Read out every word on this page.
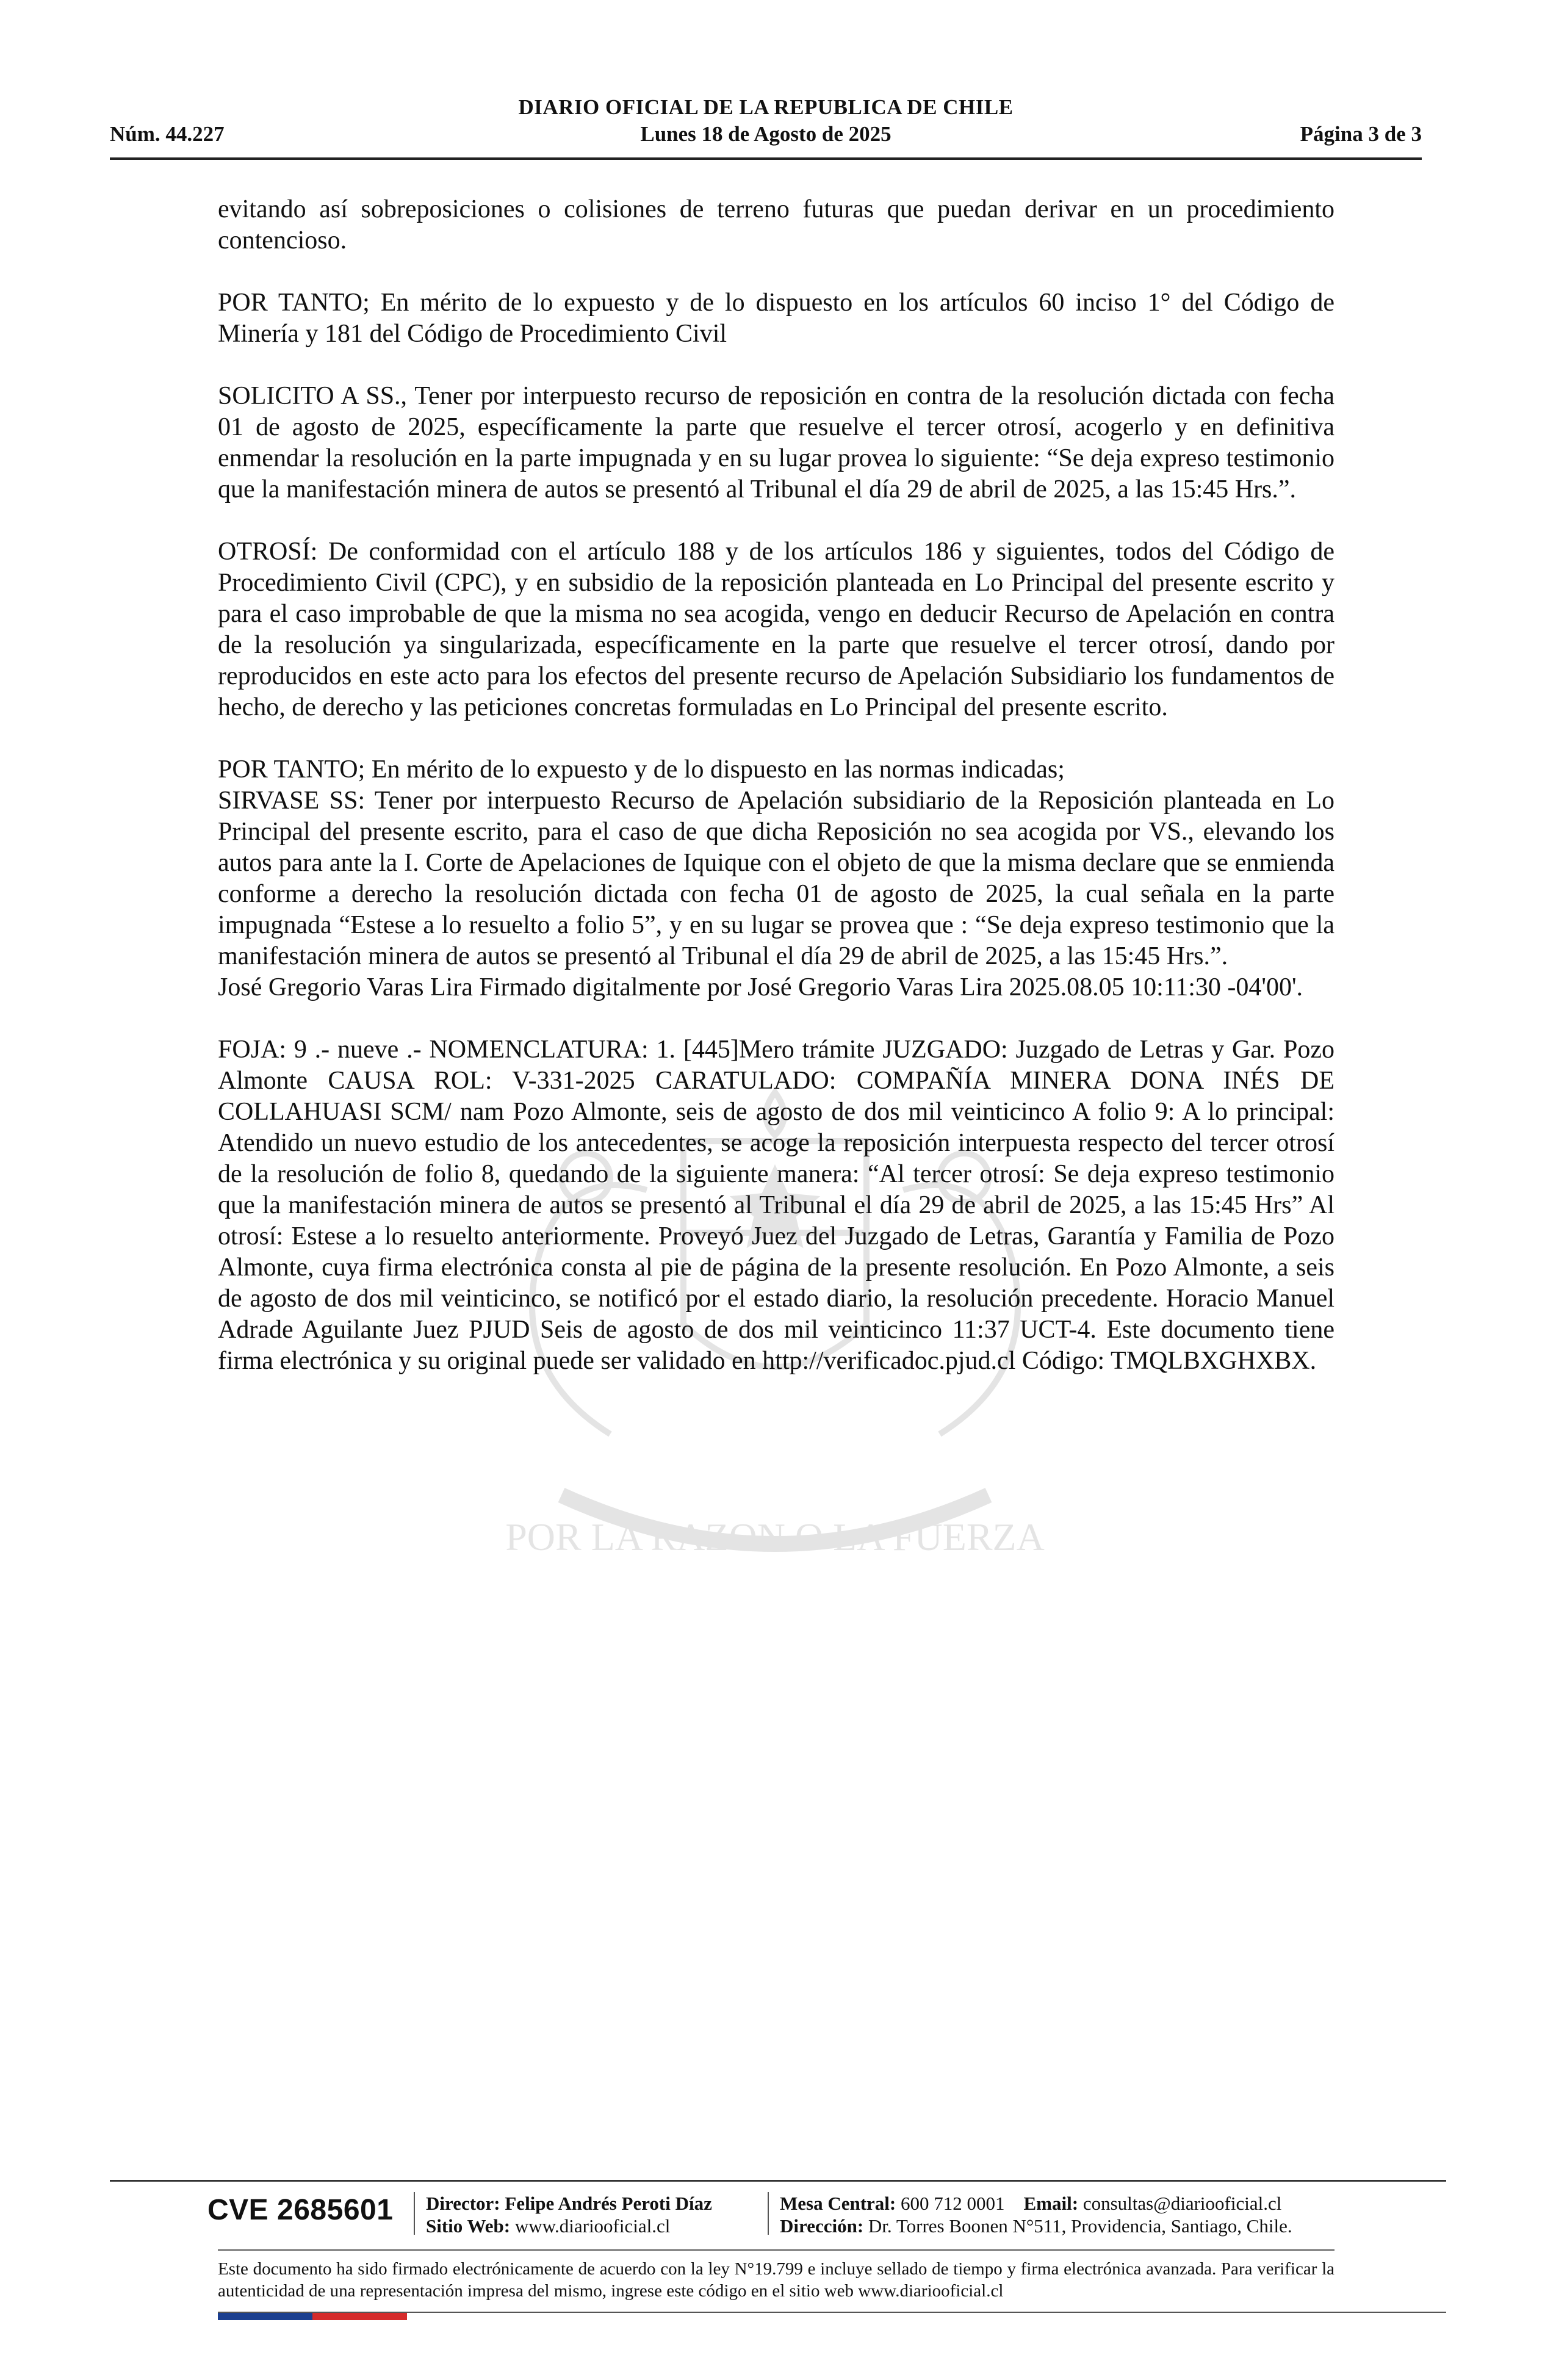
POR LA RAZON O LA FUERZA
DIARIO OFICIAL DE LA REPUBLICA DE CHILE
Núm. 44.227	Lunes 18 de Agosto de 2025	Página 3 de 3

evitando así sobreposiciones o colisiones de terreno futuras que puedan derivar en un procedimiento contencioso.

POR TANTO; En mérito de lo expuesto y de lo dispuesto en los artículos 60 inciso 1° del Código de Minería y 181 del Código de Procedimiento Civil

SOLICITO A SS., Tener por interpuesto recurso de reposición en contra de la resolución dictada con fecha 01 de agosto de 2025, específicamente la parte que resuelve el tercer otrosí, acogerlo y en definitiva enmendar la resolución en la parte impugnada y en su lugar provea lo siguiente: “Se deja expreso testimonio que la manifestación minera de autos se presentó al Tribunal el día 29 de abril de 2025, a las 15:45 Hrs.”.

OTROSÍ: De conformidad con el artículo 188 y de los artículos 186 y siguientes, todos del Código de Procedimiento Civil (CPC), y en subsidio de la reposición planteada en Lo Principal del presente escrito y para el caso improbable de que la misma no sea acogida, vengo en deducir Recurso de Apelación en contra de la resolución ya singularizada, específicamente en la parte que resuelve el tercer otrosí, dando por reproducidos en este acto para los efectos del presente recurso de Apelación Subsidiario los fundamentos de hecho, de derecho y las peticiones concretas formuladas en Lo Principal del presente escrito.

POR TANTO; En mérito de lo expuesto y de lo dispuesto en las normas indicadas;

SIRVASE SS: Tener por interpuesto Recurso de Apelación subsidiario de la Reposición planteada en Lo Principal del presente escrito, para el caso de que dicha Reposición no sea acogida por VS., elevando los autos para ante la I. Corte de Apelaciones de Iquique con el objeto de que la misma declare que se enmienda conforme a derecho la resolución dictada con fecha 01 de agosto de 2025, la cual señala en la parte impugnada “Estese a lo resuelto a folio 5”, y en su lugar se provea que : “Se deja expreso testimonio que la manifestación minera de autos se presentó al Tribunal el día 29 de abril de 2025, a las 15:45 Hrs.”.

José Gregorio Varas Lira Firmado digitalmente por José Gregorio Varas Lira 2025.08.05 10:11:30 -04'00'.

FOJA: 9 .- nueve .- NOMENCLATURA: 1. [445]Mero trámite JUZGADO: Juzgado de Letras y Gar. Pozo Almonte CAUSA ROL: V-331-2025 CARATULADO: COMPAÑÍA MINERA DONA INÉS DE COLLAHUASI SCM/ nam Pozo Almonte, seis de agosto de dos mil veinticinco A folio 9: A lo principal: Atendido un nuevo estudio de los antecedentes, se acoge la reposición interpuesta respecto del tercer otrosí de la resolución de folio 8, quedando de la siguiente manera: “Al tercer otrosí: Se deja expreso testimonio que la manifestación minera de autos se presentó al Tribunal el día 29 de abril de 2025, a las 15:45 Hrs” Al otrosí: Estese a lo resuelto anteriormente. Proveyó Juez del Juzgado de Letras, Garantía y Familia de Pozo Almonte, cuya firma electrónica consta al pie de página de la presente resolución. En Pozo Almonte, a seis de agosto de dos mil veinticinco, se notificó por el estado diario, la resolución precedente. Horacio Manuel Adrade Aguilante Juez PJUD Seis de agosto de dos mil veinticinco 11:37 UCT-4. Este documento tiene firma electrónica y su original puede ser validado en http://verificadoc.pjud.cl Código: TMQLBXGHXBX.

CVE 2685601 Director: Felipe Andrés Peroti Díaz
Sitio Web: www.diariooficial.cl
Mesa Central: 600 712 0001 Email: consultas@diariooficial.cl
Dirección: Dr. Torres Boonen N°511, Providencia, Santiago, Chile.
Este documento ha sido firmado electrónicamente de acuerdo con la ley N°19.799 e incluye sellado de tiempo y firma electrónica avanzada. Para verificar la autenticidad de una representación impresa del mismo, ingrese este código en el sitio web www.diariooficial.cl
